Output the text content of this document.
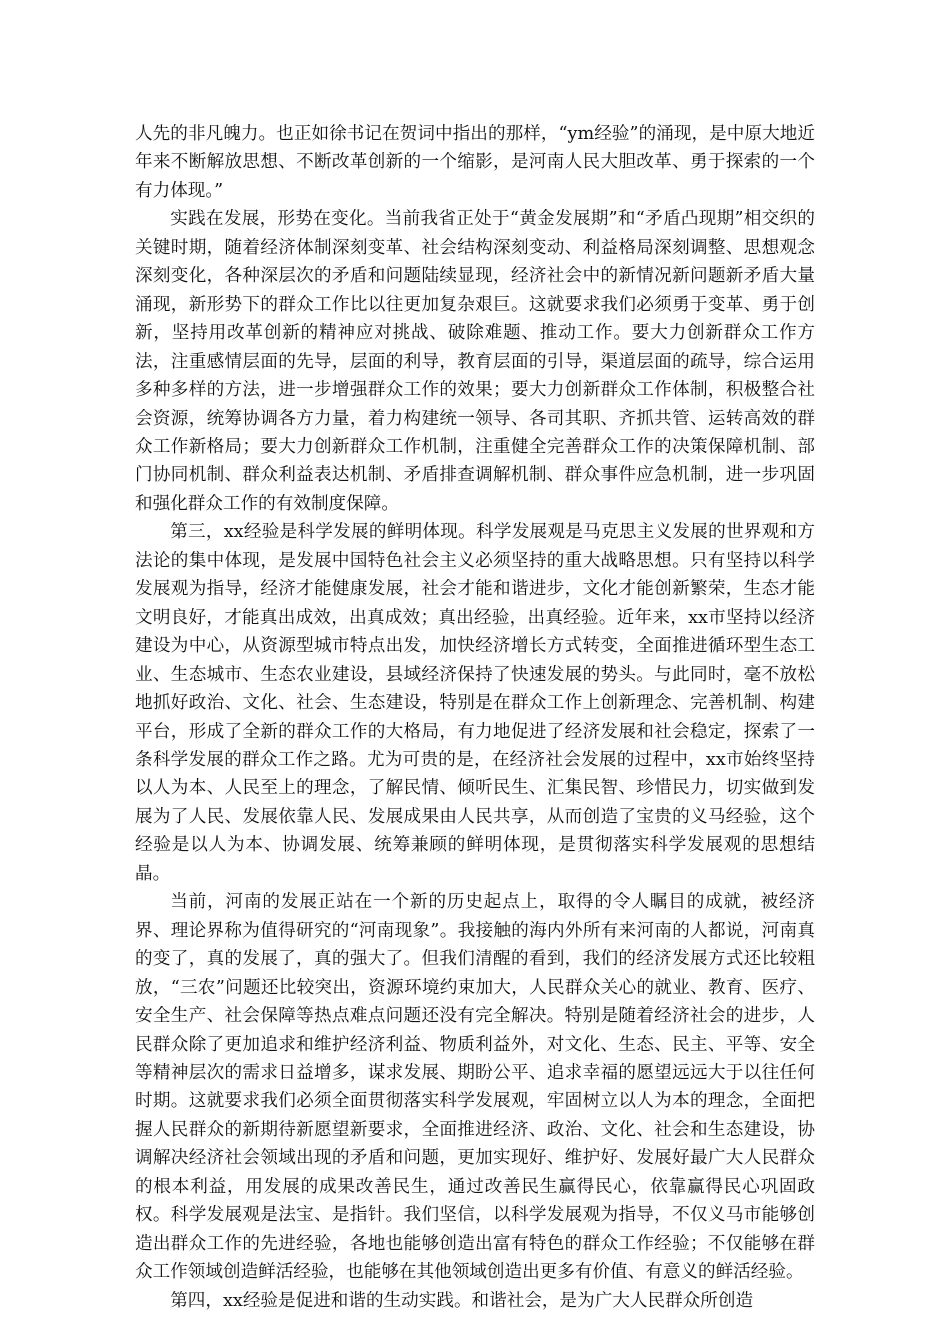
人先的非凡魄力。也正如徐书记在贺词中指出的那样，“ym经验”的涌现，是中原大地近年来不断解放思想、不断改革创新的一个缩影，是河南人民大胆改革、勇于探索的一个有力体现。”

实践在发展，形势在变化。当前我省正处于“黄金发展期”和“矛盾凸现期”相交织的关键时期，随着经济体制深刻变革、社会结构深刻变动、利益格局深刻调整、思想观念深刻变化，各种深层次的矛盾和问题陆续显现，经济社会中的新情况新问题新矛盾大量涌现，新形势下的群众工作比以往更加复杂艰巨。这就要求我们必须勇于变革、勇于创新，坚持用改革创新的精神应对挑战、破除难题、推动工作。要大力创新群众工作方法，注重感情层面的先导，层面的利导，教育层面的引导，渠道层面的疏导，综合运用多种多样的方法，进一步增强群众工作的效果；要大力创新群众工作体制，积极整合社会资源，统筹协调各方力量，着力构建统一领导、各司其职、齐抓共管、运转高效的群众工作新格局；要大力创新群众工作机制，注重健全完善群众工作的决策保障机制、部门协同机制、群众利益表达机制、矛盾排查调解机制、群众事件应急机制，进一步巩固和强化群众工作的有效制度保障。

第三，xx经验是科学发展的鲜明体现。科学发展观是马克思主义发展的世界观和方法论的集中体现，是发展中国特色社会主义必须坚持的重大战略思想。只有坚持以科学发展观为指导，经济才能健康发展，社会才能和谐进步，文化才能创新繁荣，生态才能文明良好，才能真出成效，出真成效；真出经验，出真经验。近年来，xx市坚持以经济建设为中心，从资源型城市特点出发，加快经济增长方式转变，全面推进循环型生态工业、生态城市、生态农业建设，县域经济保持了快速发展的势头。与此同时，毫不放松地抓好政治、文化、社会、生态建设，特别是在群众工作上创新理念、完善机制、构建平台，形成了全新的群众工作的大格局，有力地促进了经济发展和社会稳定，探索了一条科学发展的群众工作之路。尤为可贵的是，在经济社会发展的过程中，xx市始终坚持以人为本、人民至上的理念，了解民情、倾听民生、汇集民智、珍惜民力，切实做到发展为了人民、发展依靠人民、发展成果由人民共享，从而创造了宝贵的义马经验，这个经验是以人为本、协调发展、统筹兼顾的鲜明体现，是贯彻落实科学发展观的思想结晶。

当前，河南的发展正站在一个新的历史起点上，取得的令人瞩目的成就，被经济界、理论界称为值得研究的“河南现象”。我接触的海内外所有来河南的人都说，河南真的变了，真的发展了，真的强大了。但我们清醒的看到，我们的经济发展方式还比较粗放，“三农”问题还比较突出，资源环境约束加大，人民群众关心的就业、教育、医疗、安全生产、社会保障等热点难点问题还没有完全解决。特别是随着经济社会的进步，人民群众除了更加追求和维护经济利益、物质利益外，对文化、生态、民主、平等、安全等精神层次的需求日益增多，谋求发展、期盼公平、追求幸福的愿望远远大于以往任何时期。这就要求我们必须全面贯彻落实科学发展观，牢固树立以人为本的理念，全面把握人民群众的新期待新愿望新要求，全面推进经济、政治、文化、社会和生态建设，协调解决经济社会领域出现的矛盾和问题，更加实现好、维护好、发展好最广大人民群众的根本利益，用发展的成果改善民生，通过改善民生赢得民心，依靠赢得民心巩固政权。科学发展观是法宝、是指针。我们坚信，以科学发展观为指导，不仅义马市能够创造出群众工作的先进经验，各地也能够创造出富有特色的群众工作经验；不仅能够在群众工作领域创造鲜活经验，也能够在其他领域创造出更多有价值、有意义的鲜活经验。

第四，xx经验是促进和谐的生动实践。和谐社会，是为广大人民群众所创造
